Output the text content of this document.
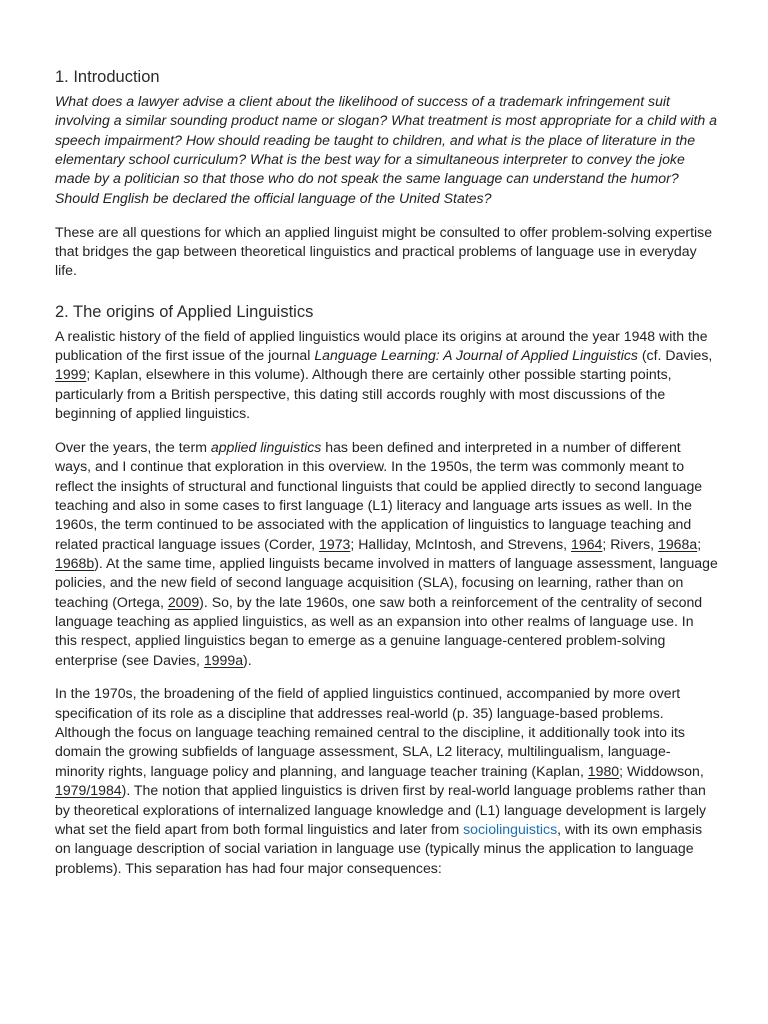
1. Introduction

What does a lawyer advise a client about the likelihood of success of a trademark infringement suit involving a similar sounding product name or slogan? What treatment is most appropriate for a child with a speech impairment? How should reading be taught to children, and what is the place of literature in the elementary school curriculum? What is the best way for a simultaneous interpreter to convey the joke made by a politician so that those who do not speak the same language can understand the humor? Should English be declared the official language of the United States?

These are all questions for which an applied linguist might be consulted to offer problem-solving expertise that bridges the gap between theoretical linguistics and practical problems of language use in everyday life.

2. The origins of Applied Linguistics

A realistic history of the field of applied linguistics would place its origins at around the year 1948 with the publication of the first issue of the journal Language Learning: A Journal of Applied Linguistics (cf. Davies, 1999; Kaplan, elsewhere in this volume). Although there are certainly other possible starting points, particularly from a British perspective, this dating still accords roughly with most discussions of the beginning of applied linguistics.

Over the years, the term applied linguistics has been defined and interpreted in a number of different ways, and I continue that exploration in this overview. In the 1950s, the term was commonly meant to reflect the insights of structural and functional linguists that could be applied directly to second language teaching and also in some cases to first language (L1) literacy and language arts issues as well. In the 1960s, the term continued to be associated with the application of linguistics to language teaching and related practical language issues (Corder, 1973; Halliday, McIntosh, and Strevens, 1964; Rivers, 1968a; 1968b). At the same time, applied linguists became involved in matters of language assessment, language policies, and the new field of second language acquisition (SLA), focusing on learning, rather than on teaching (Ortega, 2009). So, by the late 1960s, one saw both a reinforcement of the centrality of second language teaching as applied linguistics, as well as an expansion into other realms of language use. In this respect, applied linguistics began to emerge as a genuine language-centered problem-solving enterprise (see Davies, 1999a).

In the 1970s, the broadening of the field of applied linguistics continued, accompanied by more overt specification of its role as a discipline that addresses real-world (p. 35) language-based problems. Although the focus on language teaching remained central to the discipline, it additionally took into its domain the growing subfields of language assessment, SLA, L2 literacy, multilingualism, language-minority rights, language policy and planning, and language teacher training (Kaplan, 1980; Widdowson, 1979/1984). The notion that applied linguistics is driven first by real-world language problems rather than by theoretical explorations of internalized language knowledge and (L1) language development is largely what set the field apart from both formal linguistics and later from sociolinguistics, with its own emphasis on language description of social variation in language use (typically minus the application to language problems). This separation has had four major consequences:
